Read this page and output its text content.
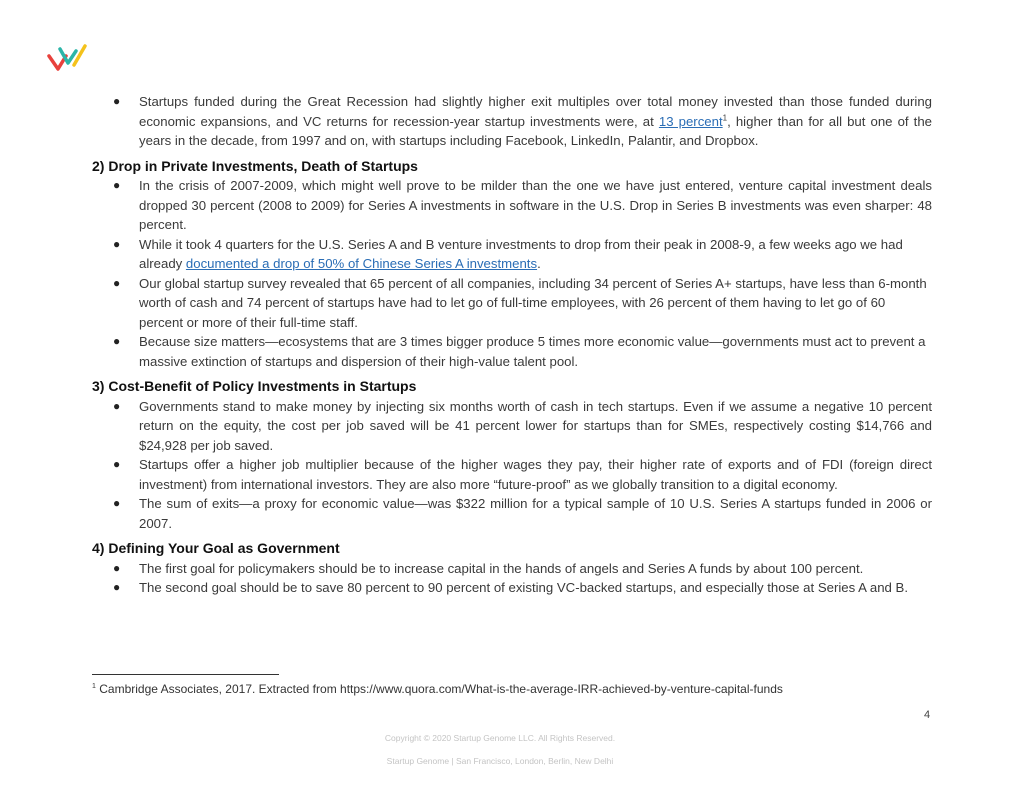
● Startups funded during the Great Recession had slightly higher exit multiples over total money invested than those funded during economic expansions, and VC returns for recession-year startup investments were, at 13 percent$^1$, higher than for all but one of the years in the decade, from 1997 and on, with startups including Facebook, LinkedIn, Palantir, and Dropbox.
2) Drop in Private Investments, Death of Startups
● In the crisis of 2007-2009, which might well prove to be milder than the one we have just entered, venture capital investment deals dropped 30 percent (2008 to 2009) for Series A investments in software in the U.S. Drop in Series B investments was even sharper: 48 percent.
● While it took 4 quarters for the U.S. Series A and B venture investments to drop from their peak in 2008-9, a few weeks ago we had already documented a drop of 50% of Chinese Series A investments.
● Our global startup survey revealed that 65 percent of all companies, including 34 percent of Series A+ startups, have less than 6-month worth of cash and 74 percent of startups have had to let go of full-time employees, with 26 percent of them having to let go of 60 percent or more of their full-time staff.
● Because size matters—ecosystems that are 3 times bigger produce 5 times more economic value—governments must act to prevent a massive extinction of startups and dispersion of their high-value talent pool.
3) Cost-Benefit of Policy Investments in Startups
● Governments stand to make money by injecting six months worth of cash in tech startups. Even if we assume a negative 10 percent return on the equity, the cost per job saved will be 41 percent lower for startups than for SMEs, respectively costing $14,766 and $24,928 per job saved.
● Startups offer a higher job multiplier because of the higher wages they pay, their higher rate of exports and of FDI (foreign direct investment) from international investors. They are also more “future-proof” as we globally transition to a digital economy.
● The sum of exits—a proxy for economic value—was $322 million for a typical sample of 10 U.S. Series A startups funded in 2006 or 2007.
4) Defining Your Goal as Government
● The first goal for policymakers should be to increase capital in the hands of angels and Series A funds by about 100 percent.
● The second goal should be to save 80 percent to 90 percent of existing VC-backed startups, and especially those at Series A and B.
$^1$ Cambridge Associates, 2017. Extracted from https://www.quora.com/What-is-the-average-IRR-achieved-by-venture-capital-funds
4
Copyright © 2020 Startup Genome LLC. All Rights Reserved.
Startup Genome | San Francisco, London, Berlin, New Delhi
